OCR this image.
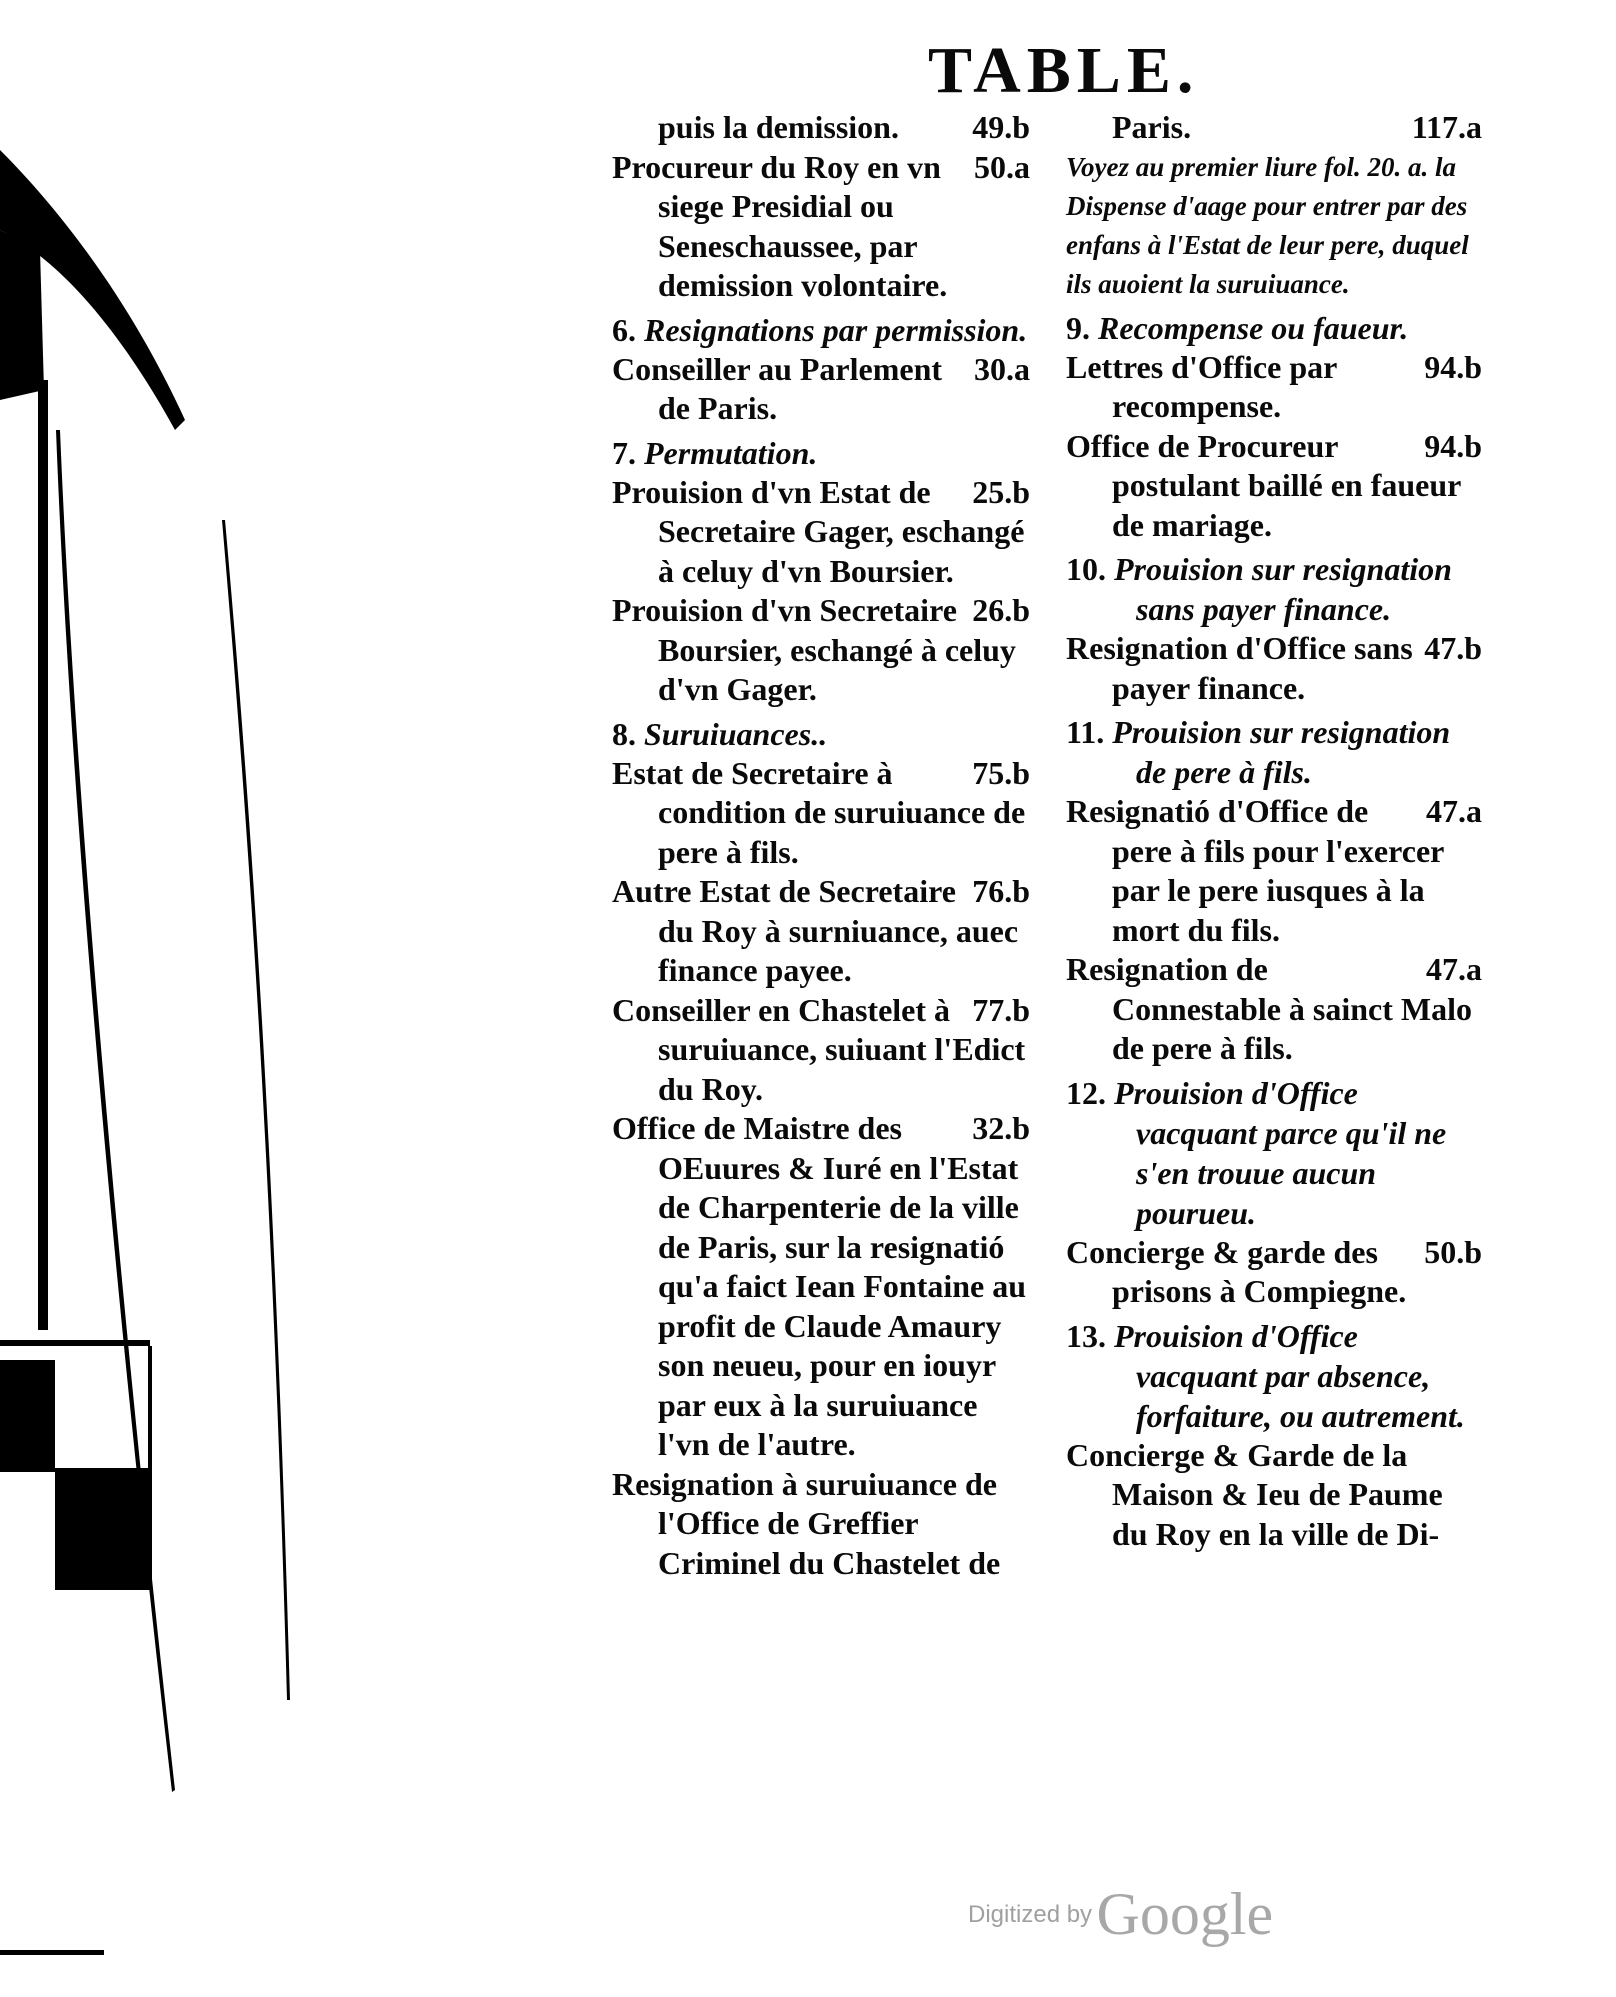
TABLE.
49.b
puis la demission.
50.a
Procureur du Roy en vn siege Presidial ou Seneschaussee, par demission volontaire.
6. Resignations par permission.
30.a
Conseiller au Parlement de Paris.
7. Permutation.
25.b
Prouision d'vn Estat de Secretaire Gager, eschangé à celuy d'vn Boursier.
26.b
Prouision d'vn Secretaire Boursier, eschangé à celuy d'vn Gager.
8. Suruiuances..
75.b
Estat de Secretaire à condition de suruiuance de pere à fils.
76.b
Autre Estat de Secretaire du Roy à surniuance, auec finance payee.
77.b
Conseiller en Chastelet à suruiuance, suiuant l'Edict du Roy.
32.b
Office de Maistre des OEuures & Iuré en l'Estat de Charpenterie de la ville de Paris, sur la resignatió qu'a faict Iean Fontaine au profit de Claude Amaury son neueu, pour en iouyr par eux à la suruiuance l'vn de l'autre.
Resignation à suruiuance de l'Office de Greffier Criminel du Chastelet de
117.a
Paris.
Voyez au premier liure fol. 20. a. la Dispense d'aage pour entrer par des enfans à l'Estat de leur pere, duquel ils auoient la suruiuance.
9. Recompense ou faueur.
94.b
Lettres d'Office par recompense.
94.b
Office de Procureur postulant baillé en faueur de mariage.
10. Prouision sur resignation sans payer finance.
47.b
Resignation d'Office sans payer finance.
11. Prouision sur resignation de pere à fils.
47.a
Resignatió d'Office de pere à fils pour l'exercer par le pere iusques à la mort du fils.
47.a
Resignation de Connestable à sainct Malo de pere à fils.
12. Prouision d'Office vacquant parce qu'il ne s'en trouue aucun pourueu.
50.b
Concierge & garde des prisons à Compiegne.
13. Prouision d'Office vacquant par absence, forfaiture, ou autrement.
Concierge & Garde de la Maison & Ieu de Paume du Roy en la ville de Di-
Digitized by Google
